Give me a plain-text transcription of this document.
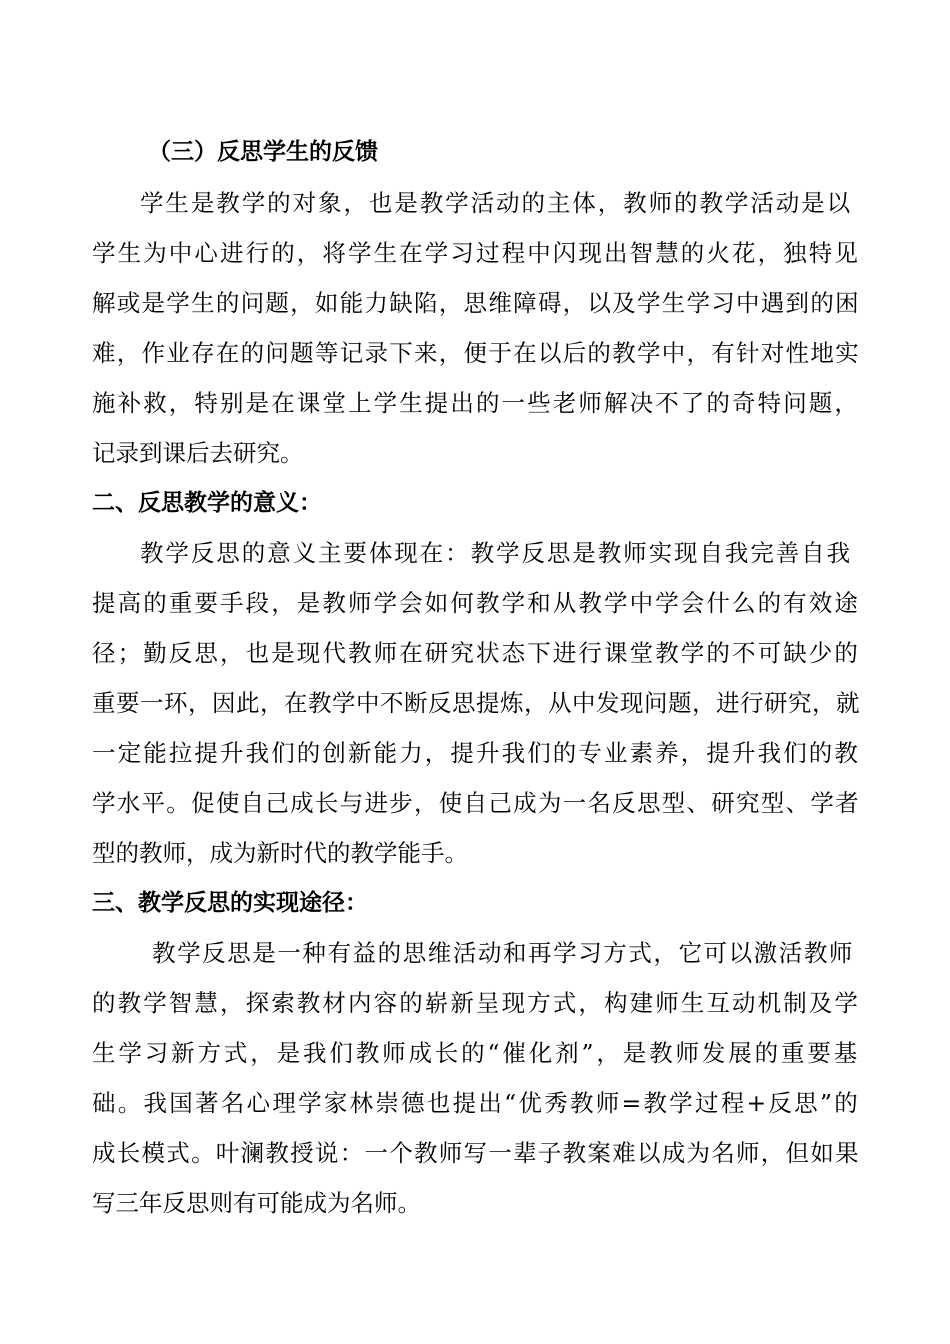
（三）反思学生的反馈
学生是教学的对象，也是教学活动的主体，教师的教学活动是以
学生为中心进行的，将学生在学习过程中闪现出智慧的火花，独特见
解或是学生的问题，如能力缺陷，思维障碍，以及学生学习中遇到的困
难，作业存在的问题等记录下来，便于在以后的教学中，有针对性地实
施补救，特别是在课堂上学生提出的一些老师解决不了的奇特问题，
记录到课后去研究。
二、反思教学的意义：
教学反思的意义主要体现在：教学反思是教师实现自我完善自我
提高的重要手段，是教师学会如何教学和从教学中学会什么的有效途
径；勤反思，也是现代教师在研究状态下进行课堂教学的不可缺少的
重要一环，因此，在教学中不断反思提炼，从中发现问题，进行研究，就
一定能拉提升我们的创新能力，提升我们的专业素养，提升我们的教
学水平。促使自己成长与进步，使自己成为一名反思型、研究型、学者
型的教师，成为新时代的教学能手。
三、教学反思的实现途径：
教学反思是一种有益的思维活动和再学习方式，它可以激活教师
的教学智慧，探索教材内容的崭新呈现方式，构建师生互动机制及学
生学习新方式，是我们教师成长的“催化剂”，是教师发展的重要基
础。我国著名心理学家林崇德也提出“优秀教师=教学过程+反思”的
成长模式。叶澜教授说：一个教师写一辈子教案难以成为名师，但如果
写三年反思则有可能成为名师。
